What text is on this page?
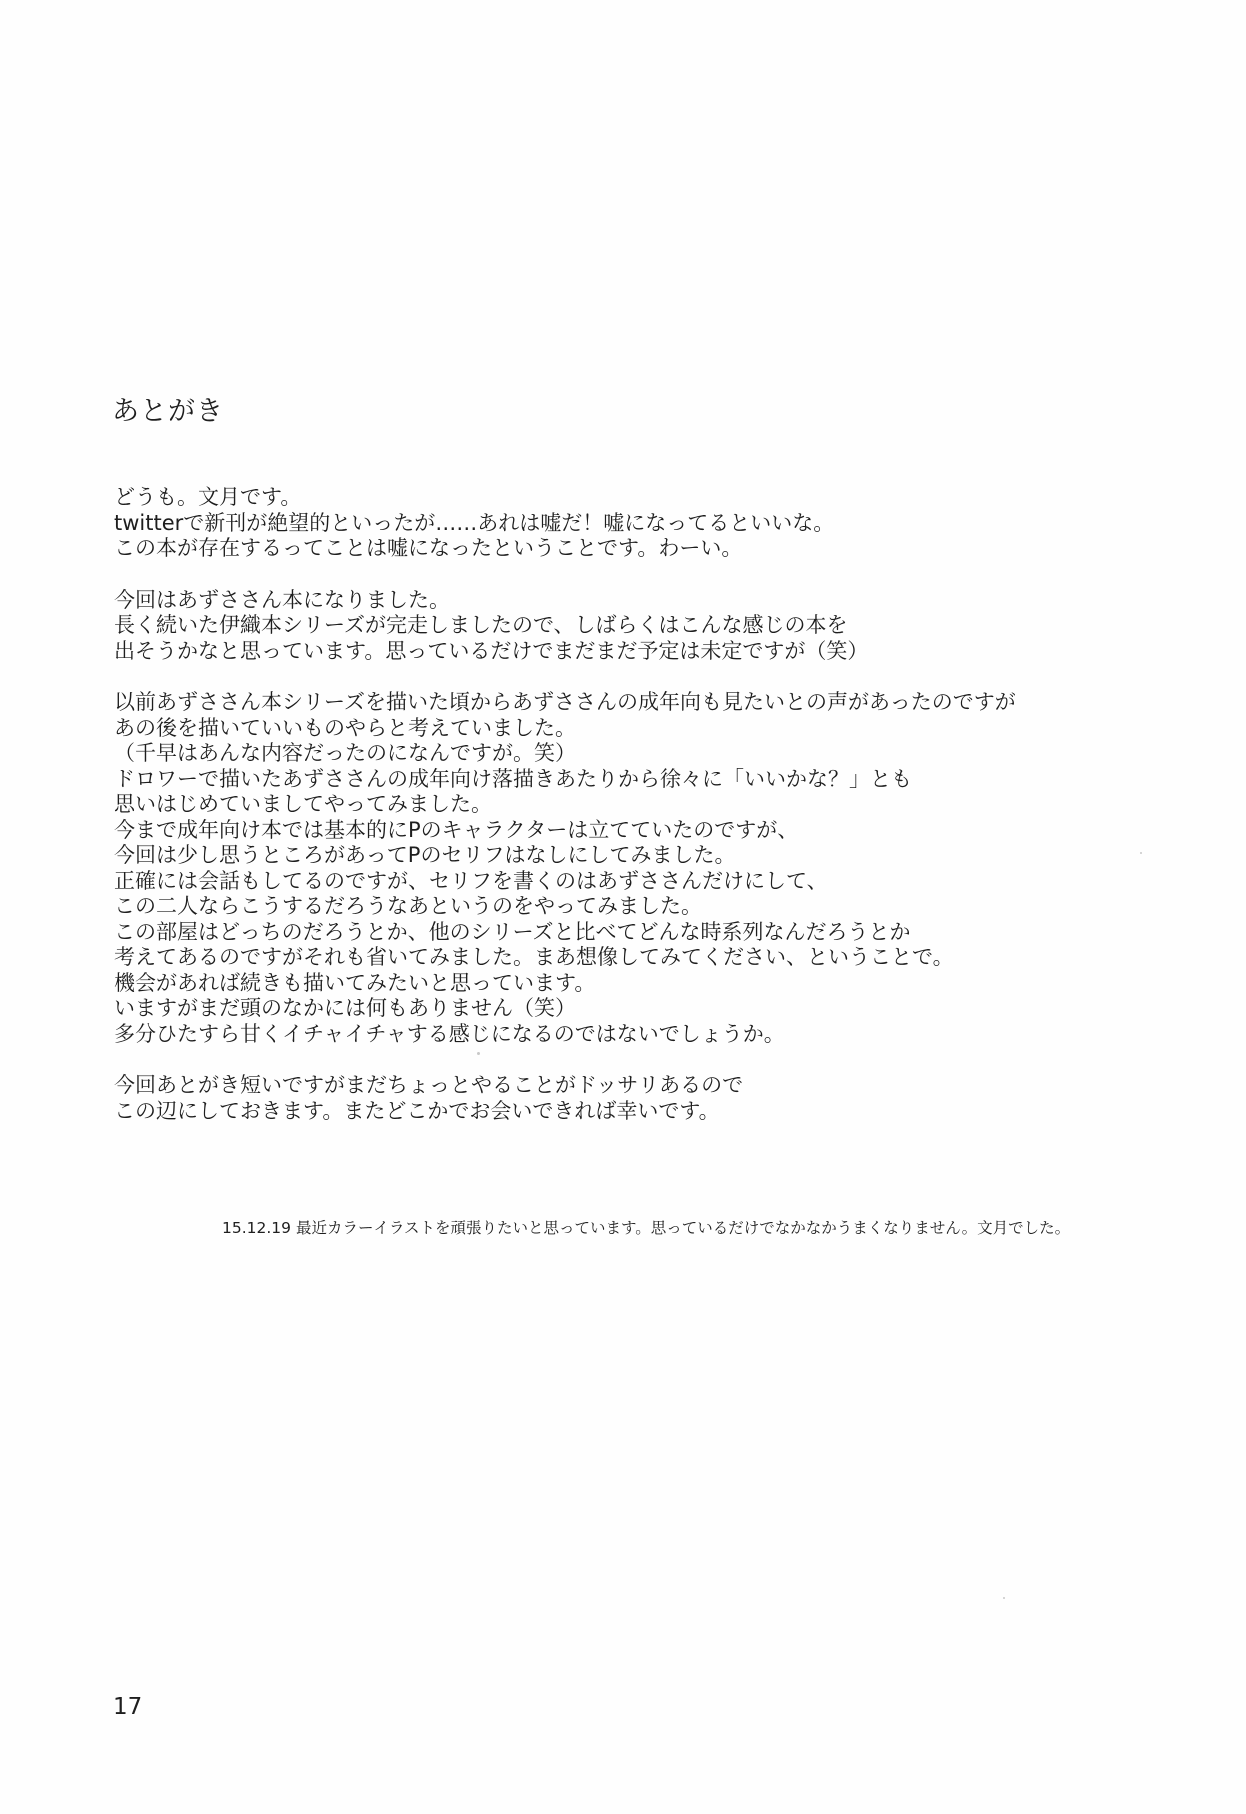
あとがき
どうも。文月です。
twitterで新刊が絶望的といったが……あれは嘘だ！嘘になってるといいな。
この本が存在するってことは嘘になったということです。わーい。
今回はあずささん本になりました。
長く続いた伊織本シリーズが完走しましたので、しばらくはこんな感じの本を
出そうかなと思っています。思っているだけでまだまだ予定は未定ですが（笑）
以前あずささん本シリーズを描いた頃からあずささんの成年向も見たいとの声があったのですが
あの後を描いていいものやらと考えていました。
（千早はあんな内容だったのになんですが。笑）
ドロワーで描いたあずささんの成年向け落描きあたりから徐々に「いいかな？」とも
思いはじめていましてやってみました。
今まで成年向け本では基本的にPのキャラクターは立てていたのですが、
今回は少し思うところがあってPのセリフはなしにしてみました。
正確には会話もしてるのですが、セリフを書くのはあずささんだけにして、
この二人ならこうするだろうなあというのをやってみました。
この部屋はどっちのだろうとか、他のシリーズと比べてどんな時系列なんだろうとか
考えてあるのですがそれも省いてみました。まあ想像してみてください、ということで。
機会があれば続きも描いてみたいと思っています。
いますがまだ頭のなかには何もありません（笑）
多分ひたすら甘くイチャイチャする感じになるのではないでしょうか。
今回あとがき短いですがまだちょっとやることがドッサリあるので
この辺にしておきます。またどこかでお会いできれば幸いです。
15.12.19 最近カラーイラストを頑張りたいと思っています。思っているだけでなかなかうまくなりません。文月でした。
17
